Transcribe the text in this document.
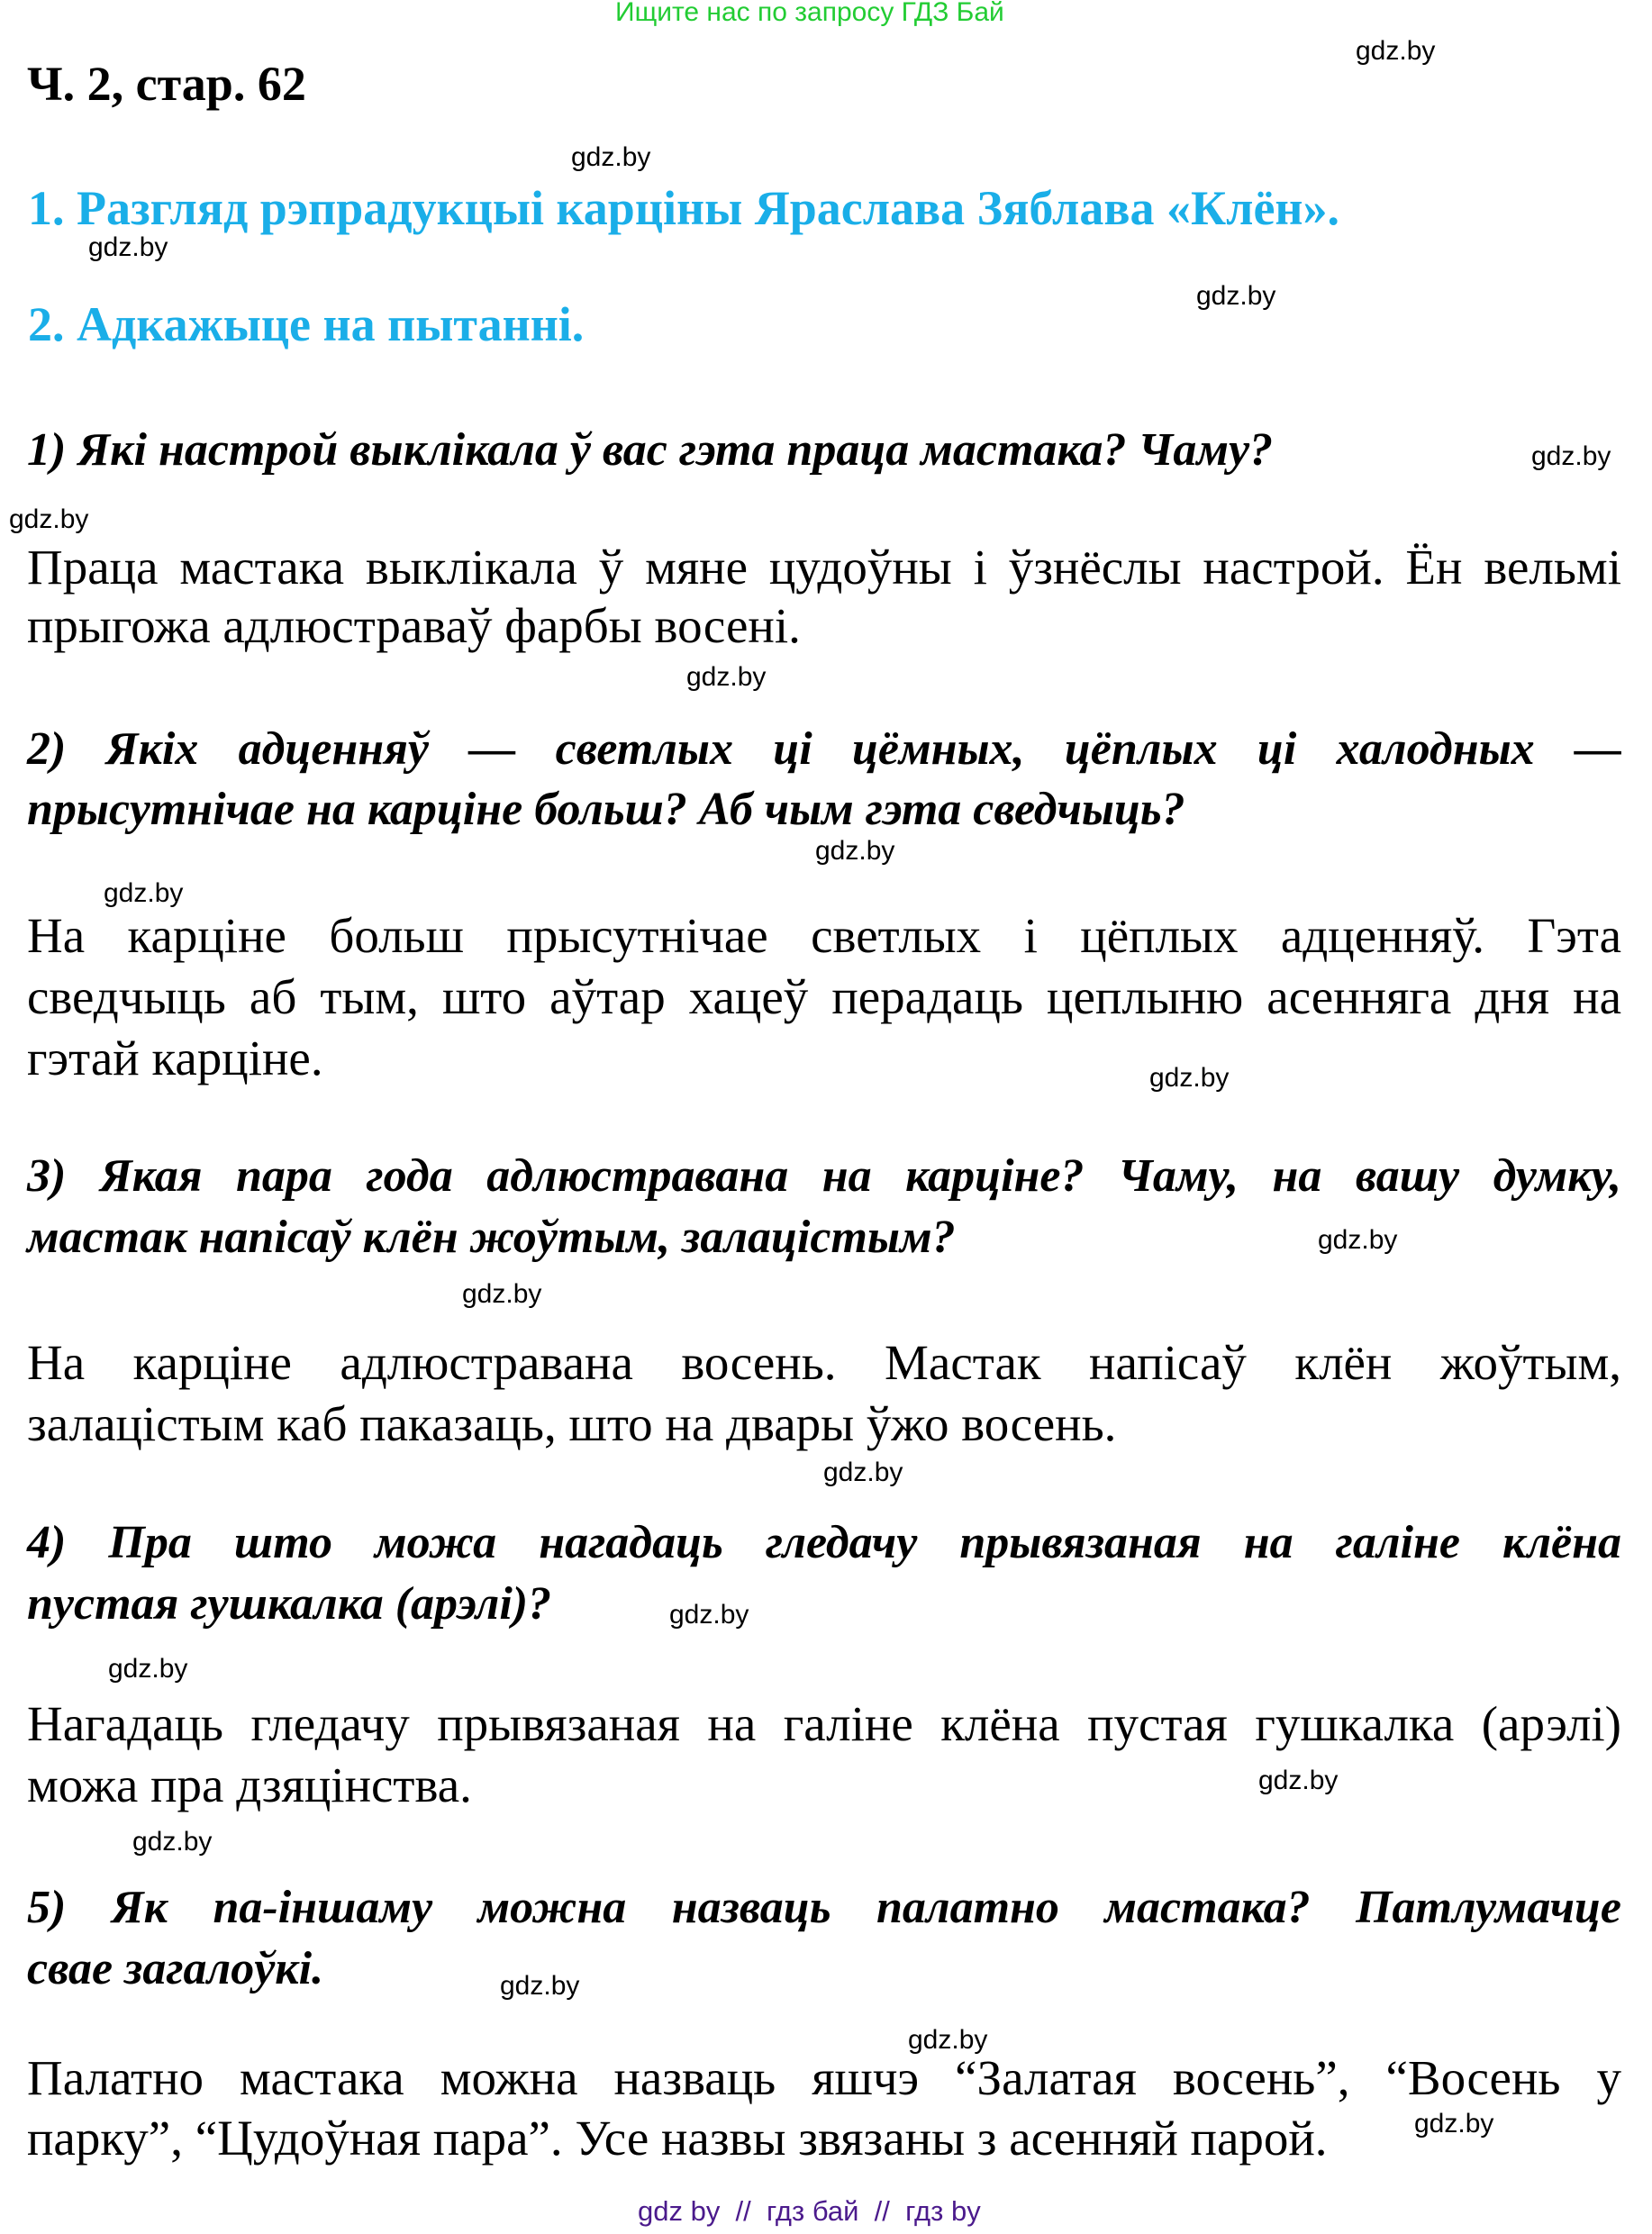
Ищите нас по запросу ГДЗ Бай
Ч. 2, стар. 62
1. Разгляд рэпрадукцыі карціны Яраслава Зяблава «Клён».
2. Адкажыце на пытанні.
1) Які настрой выклікала ў вас гэта праца мастака? Чаму?
Праца мастака выклікала ў мяне цудоўны і ўзнёслы настрой. Ён вельмі
прыгожа адлюстраваў фарбы восені.
2) Якіх адценняў — светлых ці цёмных, цёплых ці халодных —
прысутнічае на карціне больш? Аб чым гэта сведчыць?
На карціне больш прысутнічае светлых і цёплых адценняў. Гэта
сведчыць аб тым, што аўтар хацеў перадаць цеплыню асенняга дня на
гэтай карціне.
3) Якая пара года адлюстравана на карціне? Чаму, на вашу думку,
мастак напісаў клён жоўтым, залацістым?
На карціне адлюстравана восень. Мастак напісаў клён жоўтым,
залацістым каб паказаць, што на двары ўжо восень.
4) Пра што можа нагадаць гледачу прывязаная на галіне клёна
пустая гушкалка (арэлі)?
Нагадаць гледачу прывязаная на галіне клёна пустая гушкалка (арэлі)
можа пра дзяцінства.
5) Як па-іншаму можна назваць палатно мастака? Патлумачце
свае загалоўкі.
Палатно мастака можна назваць яшчэ “Залатая восень”, “Восень у
парку”, “Цудоўная пара”. Усе назвы звязаны з асенняй парой.
gdz.by
gdz.by
gdz.by
gdz.by
gdz.by
gdz.by
gdz.by
gdz.by
gdz.by
gdz.by
gdz.by
gdz.by
gdz.by
gdz.by
gdz.by
gdz.by
gdz.by
gdz.by
gdz.by
gdz.by
gdz by  //  гдз бай  //  гдз by
